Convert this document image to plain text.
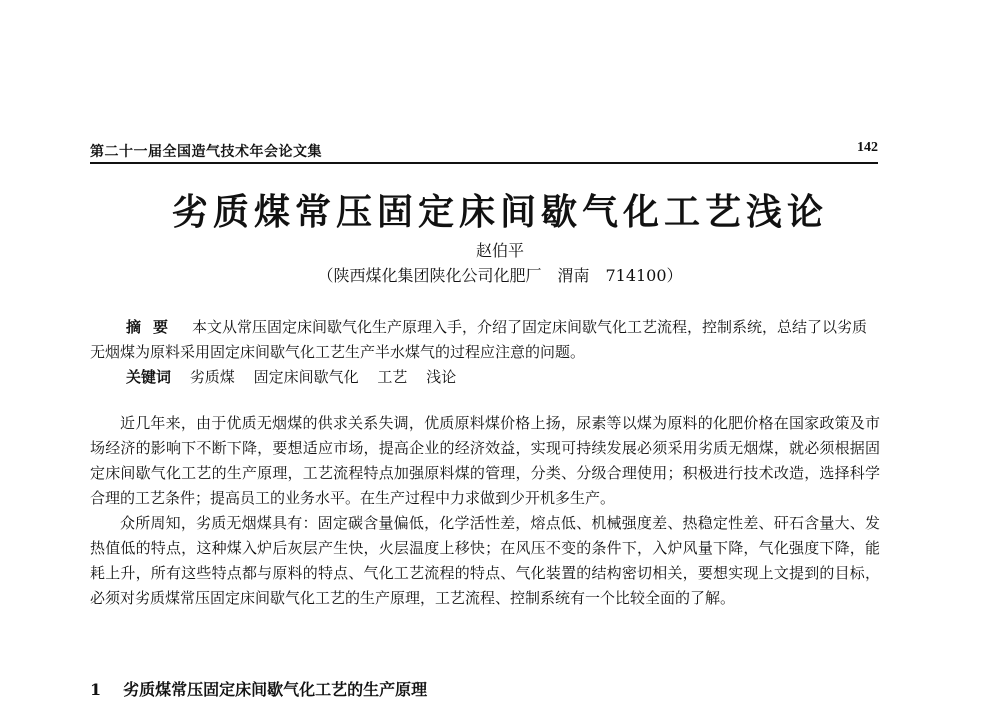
第二十一届全国造气技术年会论文集	142
劣质煤常压固定床间歇气化工艺浅论
赵伯平
（陕西煤化集团陕化公司化肥厂　渭南　714100）
摘要 本文从常压固定床间歇气化生产原理入手，介绍了固定床间歇气化工艺流程，控制系统，总结了以劣质无烟煤为原料采用固定床间歇气化工艺生产半水煤气的过程应注意的问题。
关键词 劣质煤 固定床间歇气化 工艺 浅论

近几年来，由于优质无烟煤的供求关系失调，优质原料煤价格上扬，尿素等以煤为原料的化肥价格在国家政策及市场经济的影响下不断下降，要想适应市场，提高企业的经济效益，实现可持续发展必须采用劣质无烟煤，就必须根据固定床间歇气化工艺的生产原理，工艺流程特点加强原料煤的管理，分类、分级合理使用；积极进行技术改造，选择科学合理的工艺条件；提高员工的业务水平。在生产过程中力求做到少开机多生产。

众所周知，劣质无烟煤具有：固定碳含量偏低，化学活性差，熔点低、机械强度差、热稳定性差、矸石含量大、发热值低的特点，这种煤入炉后灰层产生快，火层温度上移快；在风压不变的条件下，入炉风量下降，气化强度下降，能耗上升，所有这些特点都与原料的特点、气化工艺流程的特点、气化装置的结构密切相关，要想实现上文提到的目标，必须对劣质煤常压固定床间歇气化工艺的生产原理，工艺流程、控制系统有一个比较全面的了解。

1 劣质煤常压固定床间歇气化工艺的生产原理
